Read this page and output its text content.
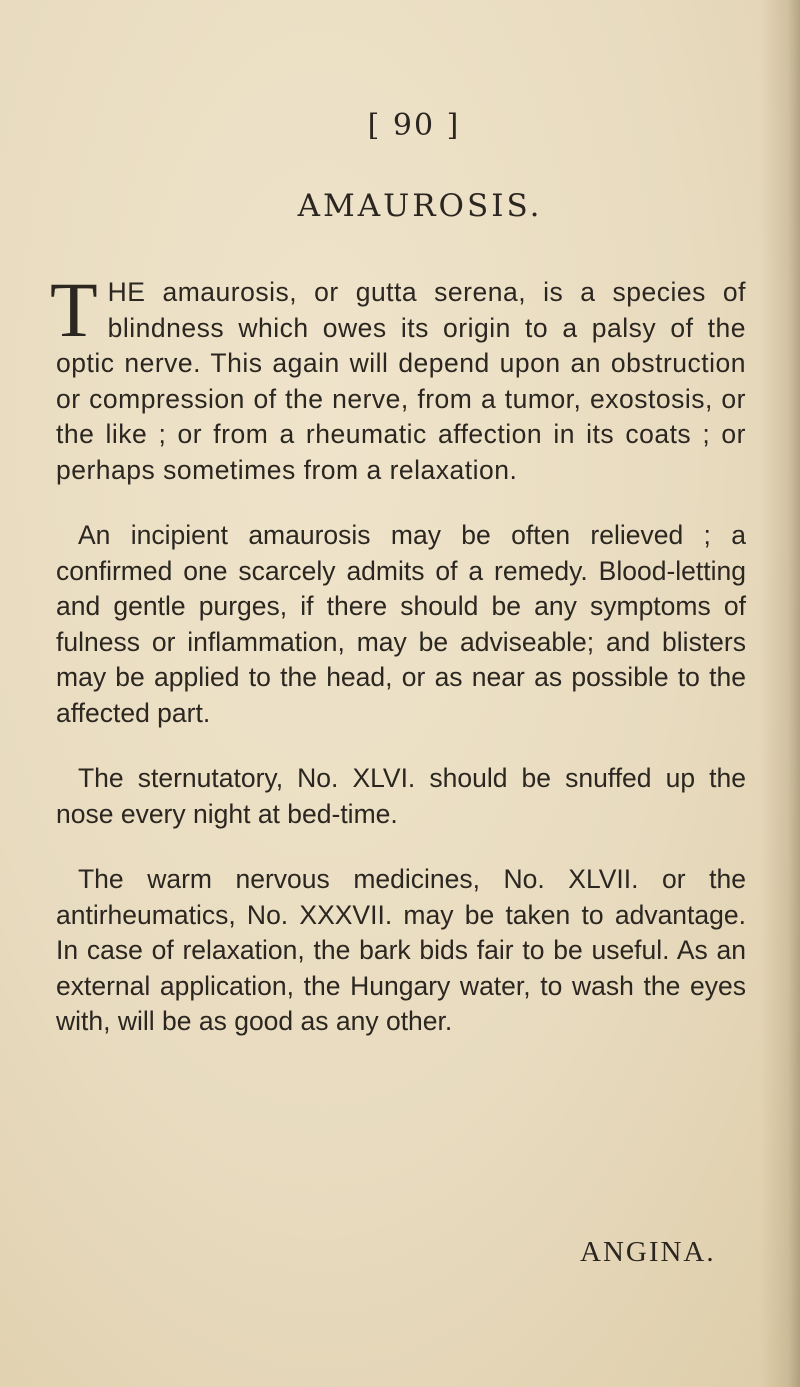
[ 90 ]
AMAUROSIS.

THE amaurosis, or gutta serena, is a species of blindness which owes its origin to a palsy of the optic nerve. This again will depend upon an obstruction or compression of the nerve, from a tumor, exostosis, or the like ; or from a rheumatic affection in its coats ; or perhaps sometimes from a relaxation.

An incipient amaurosis may be often relieved ; a confirmed one scarcely admits of a remedy. Blood-letting and gentle purges, if there should be any symptoms of fulness or inflammation, may be adviseable; and blisters may be applied to the head, or as near as possible to the affected part.

The sternutatory, No. XLVI. should be snuffed up the nose every night at bed-time.

The warm nervous medicines, No. XLVII. or the antirheumatics, No. XXXVII. may be taken to advantage. In case of relaxation, the bark bids fair to be useful. As an external application, the Hungary water, to wash the eyes with, will be as good as any other.

ANGINA.
